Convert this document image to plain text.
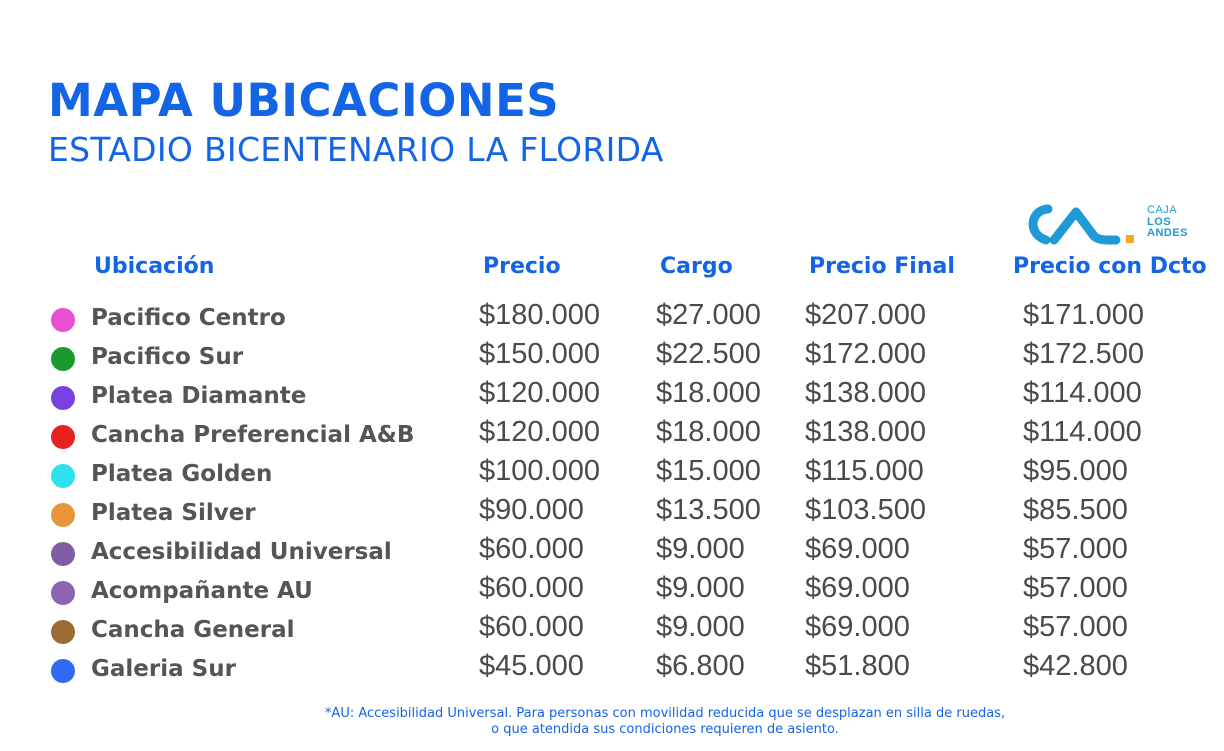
MAPA UBICACIONES
ESTADIO BICENTENARIO LA FLORIDA
CAJA
LOS
ANDES
Ubicación	Precio	Cargo	Precio Final	Precio con Dcto
Pacifico Centro	$180.000 $27.000 $207.000	$171.000
Pacifico Sur	$150.000 $22.500 $172.000	$172.500
Platea Diamante	$120.000 $18.000 $138.000	$114.000
Cancha Preferencial A&B $120.000 $18.000 $138.000	$114.000
Platea Golden	$100.000 $15.000 $115.000	$95.000
Platea Silver	$90.000 $13.500 $103.500	$85.500
Accesibilidad Universal	$60.000 $9.000 $69.000	$57.000
Acompañante AU	$60.000 $9.000 $69.000	$57.000
Cancha General	$60.000 $9.000 $69.000	$57.000
Galeria Sur	$45.000 $6.800 $51.800	$42.800
*AU: Accesibilidad Universal. Para personas con movilidad reducida que se desplazan en silla de ruedas,
o que atendida sus condiciones requieren de asiento.
